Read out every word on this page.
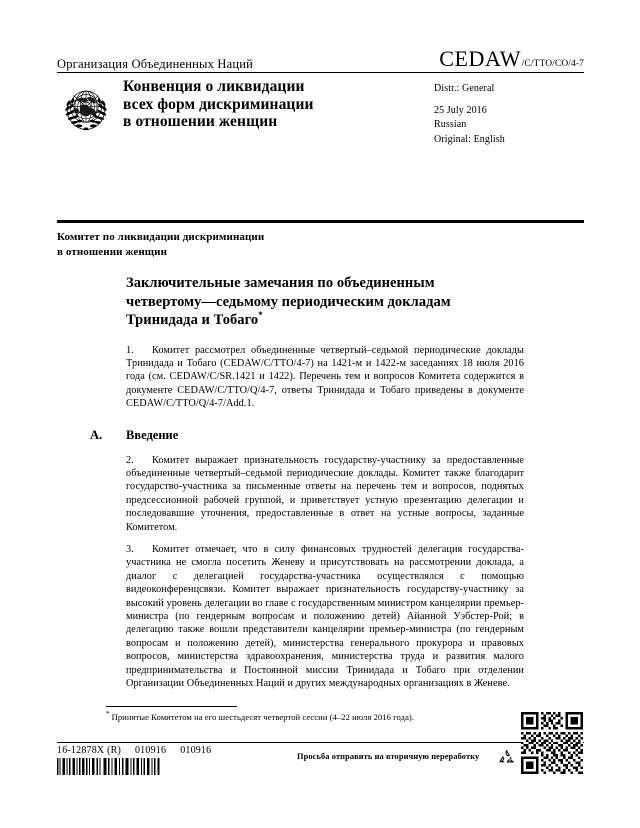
Организация Объединенных Наций	CEDAW /C/TTO/CO/4-7
Конвенция о ликвидации
всех форм дискриминации
в отношении женщин
Distr.: General
25 July 2016
Russian
Original: English
Комитет по ликвидации дискриминации
в отношении женщин
Заключительные замечания по объединенным
четвертому—седьмому периодическим докладам
Тринидада и Тобаго*

1. Комитет рассмотрел объединенные четвертый–седьмой периодические доклады Тринидада и Тобаго (CEDAW/C/TTO/4-7) на 1421-м и 1422-м заседаниях 18 июля 2016 года (см. CEDAW/C/SR.1421 и 1422). Перечень тем и вопросов Комитета содержится в документе CEDAW/C/TTO/Q/4-7, ответы Тринидада и Тобаго приведены в документе CEDAW/C/TTO/Q/4-7/Add.1.

A. Введение

2. Комитет выражает признательность государству-участнику за предоставленные объединенные четвертый–седьмой периодические доклады. Комитет также благодарит государство-участника за письменные ответы на перечень тем и вопросов, поднятых предсессионной рабочей группой, и приветствует устную презентацию делегации и последовавшие уточнения, предоставленные в ответ на устные вопросы, заданные Комитетом.

3. Комитет отмечает, что в силу финансовых трудностей делегация государства-участника не смогла посетить Женеву и присутствовать на рассмотрении доклада, а диалог с делегацией государства-участника осуществлялся с помощью видеоконференцсвязи. Комитет выражает признательность государству-участнику за высокий уровень делегации во главе с государственным министром канцелярии премьер-министра (по гендерным вопросам и положению детей) Айанной Уэбстер-Рой; в делегацию также вошли представители канцелярии премьер-министра (по гендерным вопросам и положению детей), министерства генерального прокурора и правовых вопросов, министерства здравоохранения, министерства труда и развития малого предпринимательства и Постоянной миссии Тринидада и Тобаго при отделении Организации Объединенных Наций и других международных организациях в Женеве.

* Принятые Комитетом на его шестьдесят четвертой сессии (4–22 июля 2016 года).
16-12878X (R) 010916 010916
Просьба отправить на вторичную переработку
